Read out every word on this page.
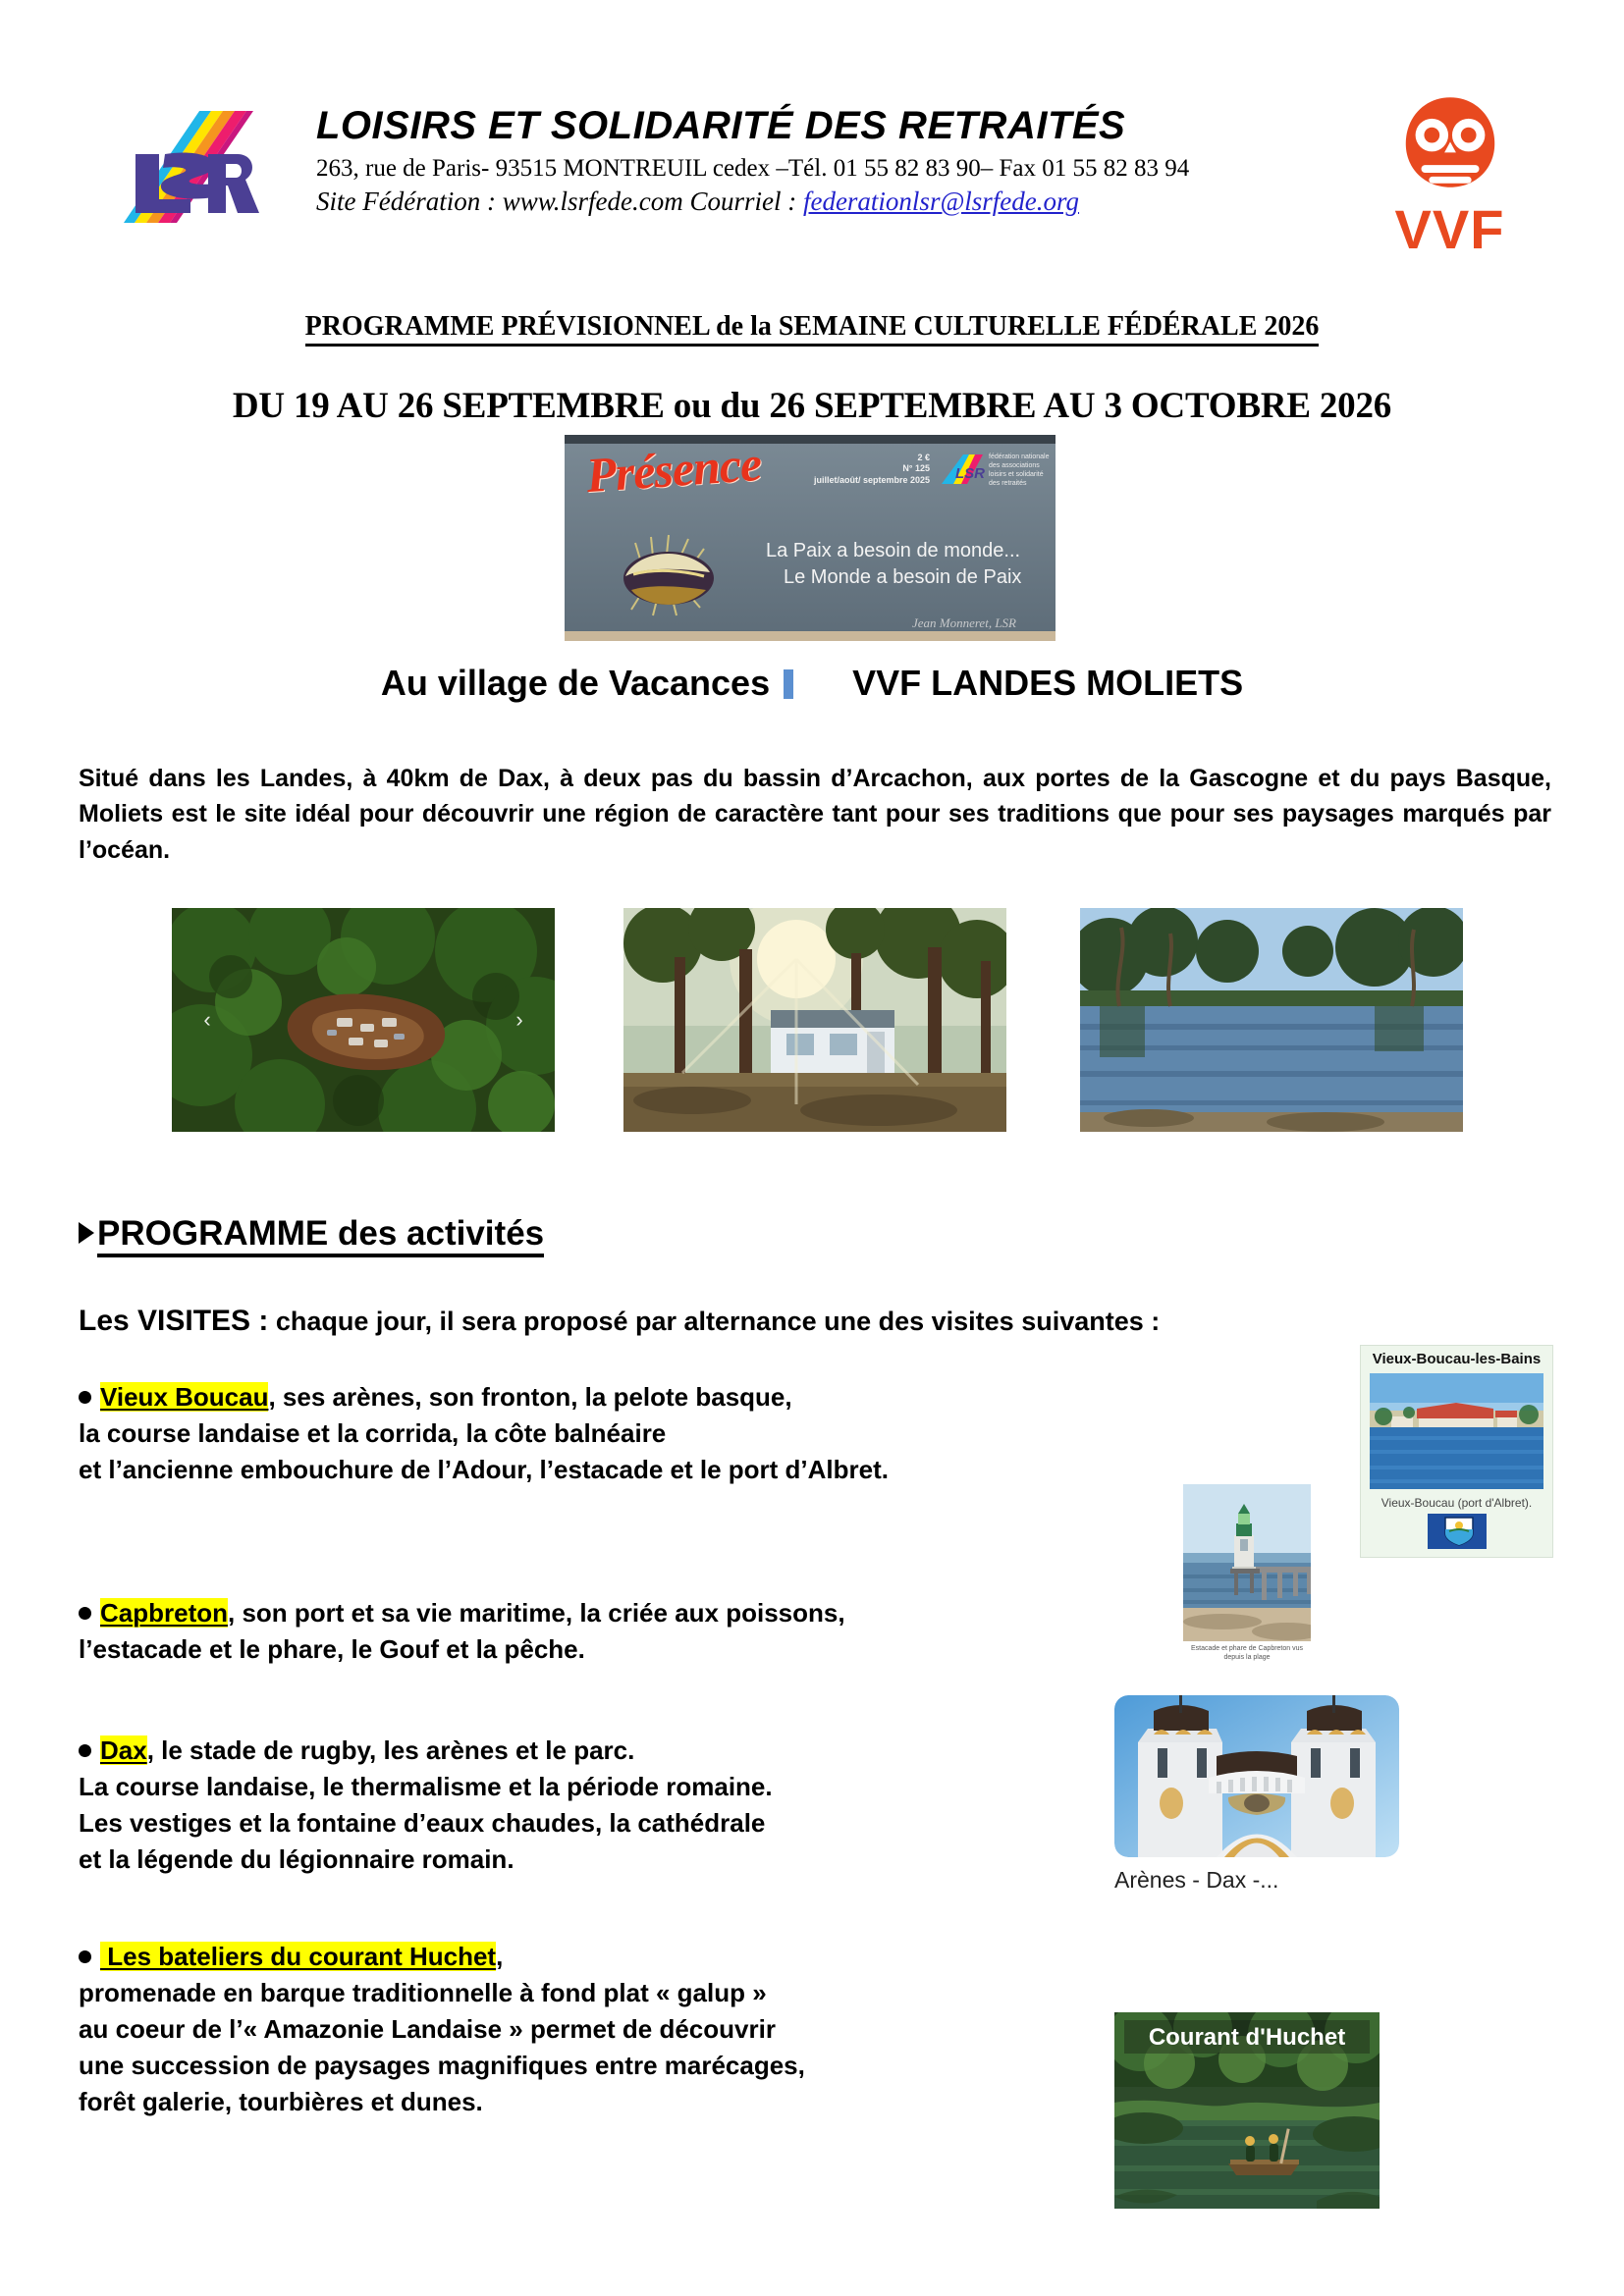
LOISIRS ET SOLIDARITÉ DES RETRAITÉS
263, rue de Paris- 93515 MONTREUIL cedex –Tél. 01 55 82 83 90– Fax 01 55 82 83 94
Site Fédération : www.lsrfede.com Courriel : federationlsr@lsrfede.org	VVF
PROGRAMME PRÉVISIONNEL de la SEMAINE CULTURELLE FÉDÉRALE 2026
DU 19 AU 26 SEPTEMBRE ou du 26 SEPTEMBRE AU 3 OCTOBRE 2026
Présence	2 €
N° 125
juillet/août/ septembre 2025 LSR
fédération nationale des associations loisirs et solidarité des retraités
La Paix a besoin de monde...
Le Monde a besoin de Paix
Jean Monneret, LSR
Au village de Vacances VVF LANDES MOLIETS
Situé dans les Landes, à 40km de Dax, à deux pas du bassin d’Arcachon, aux portes de la Gascogne et du pays Basque, Moliets est le site idéal pour découvrir une région de caractère tant pour ses traditions que pour ses paysages marqués par l’océan.
‹	›
PROGRAMME des activités
Les VISITES : chaque jour, il sera proposé par alternance une des visites suivantes :
Vieux Boucau, ses arènes, son fronton, la pelote basque,
la course landaise et la corrida, la côte balnéaire
et l’ancienne embouchure de l’Adour, l’estacade et le port d’Albret.
Capbreton, son port et sa vie maritime, la criée aux poissons,
l’estacade et le phare, le Gouf et la pêche.
Dax, le stade de rugby, les arènes et le parc.
La course landaise, le thermalisme et la période romaine.
Les vestiges et la fontaine d’eaux chaudes, la cathédrale
et la légende du légionnaire romain.
Les bateliers du courant Huchet,
promenade en barque traditionnelle à fond plat « galup »
au coeur de l’« Amazonie Landaise » permet de découvrir
une succession de paysages magnifiques entre marécages,
forêt galerie, tourbières et dunes.
Vieux-Boucau-les-Bains
Vieux-Boucau (port d'Albret).
Estacade et phare de Capbreton vus depuis la plage
Arènes - Dax -...
Courant d'Huchet
